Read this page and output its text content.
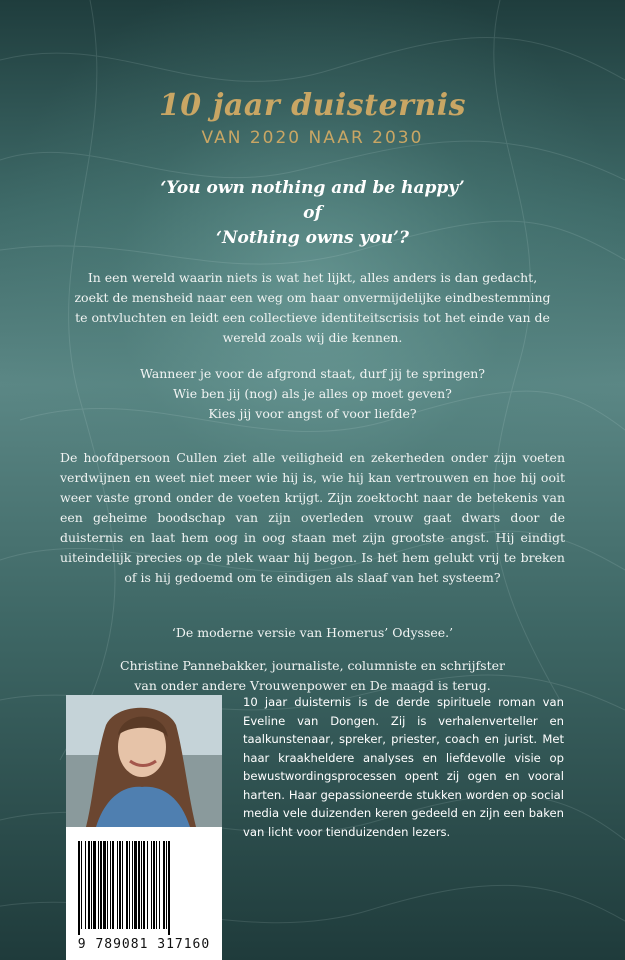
10 jaar duisternis
VAN 2020 NAAR 2030
‘You own nothing and be happy’
of
‘Nothing owns you’?
In een wereld waarin niets is wat het lijkt, alles anders is dan gedacht, zoekt de mensheid naar een weg om haar onvermijdelijke eindbestemming te ontvluchten en leidt een collectieve identiteitscrisis tot het einde van de wereld zoals wij die kennen.
Wanneer je voor de afgrond staat, durf jij te springen?
Wie ben jij (nog) als je alles op moet geven?
Kies jij voor angst of voor liefde?
De hoofdpersoon Cullen ziet alle veiligheid en zekerheden onder zijn voeten verdwijnen en weet niet meer wie hij is, wie hij kan vertrouwen en hoe hij ooit weer vaste grond onder de voeten krijgt. Zijn zoektocht naar de betekenis van een geheime boodschap van zijn overleden vrouw gaat dwars door de duisternis en laat hem oog in oog staan met zijn grootste angst. Hij eindigt uiteindelijk precies op de plek waar hij begon. Is het hem gelukt vrij te breken of is hij gedoemd om te eindigen als slaaf van het systeem?
‘De moderne versie van Homerus’ Odyssee.’
Christine Pannebakker, journaliste, columniste en schrijfster
van onder andere Vrouwenpower en De maagd is terug.
10 jaar duisternis is de derde spirituele roman van Eveline van Dongen. Zij is verhalenverteller en taalkunstenaar, spreker, priester, coach en jurist. Met haar kraakheldere analyses en liefdevolle visie op bewustwordingsprocessen opent zij ogen en vooral harten. Haar gepassioneerde stukken worden op social media vele duizenden keren gedeeld en zijn een baken van licht voor tienduizenden lezers.
9 789081 317160
